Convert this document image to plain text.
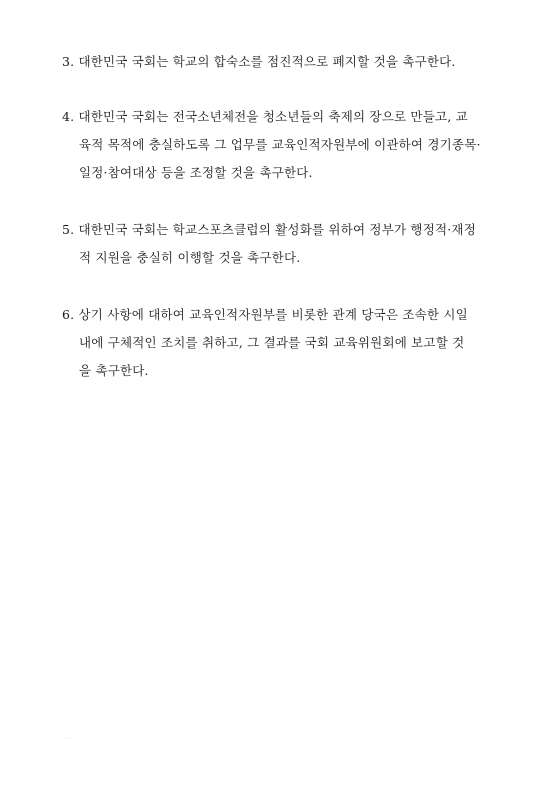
3. 대한민국 국회는 학교의 합숙소를 점진적으로 폐지할 것을 촉구한다.

4. 대한민국 국회는 전국소년체전을 청소년들의 축제의 장으로 만들고, 교
육적 목적에 충실하도록 그 업무를 교육인적자원부에 이관하여 경기종목·
일정·참여대상 등을 조정할 것을 촉구한다.

5. 대한민국 국회는 학교스포츠클럽의 활성화를 위하여 정부가 행정적·재정
적 지원을 충실히 이행할 것을 촉구한다.

6. 상기 사항에 대하여 교육인적자원부를 비롯한 관계 당국은 조속한 시일
내에 구체적인 조치를 취하고, 그 결과를 국회 교육위원회에 보고할 것
을 촉구한다.

····
